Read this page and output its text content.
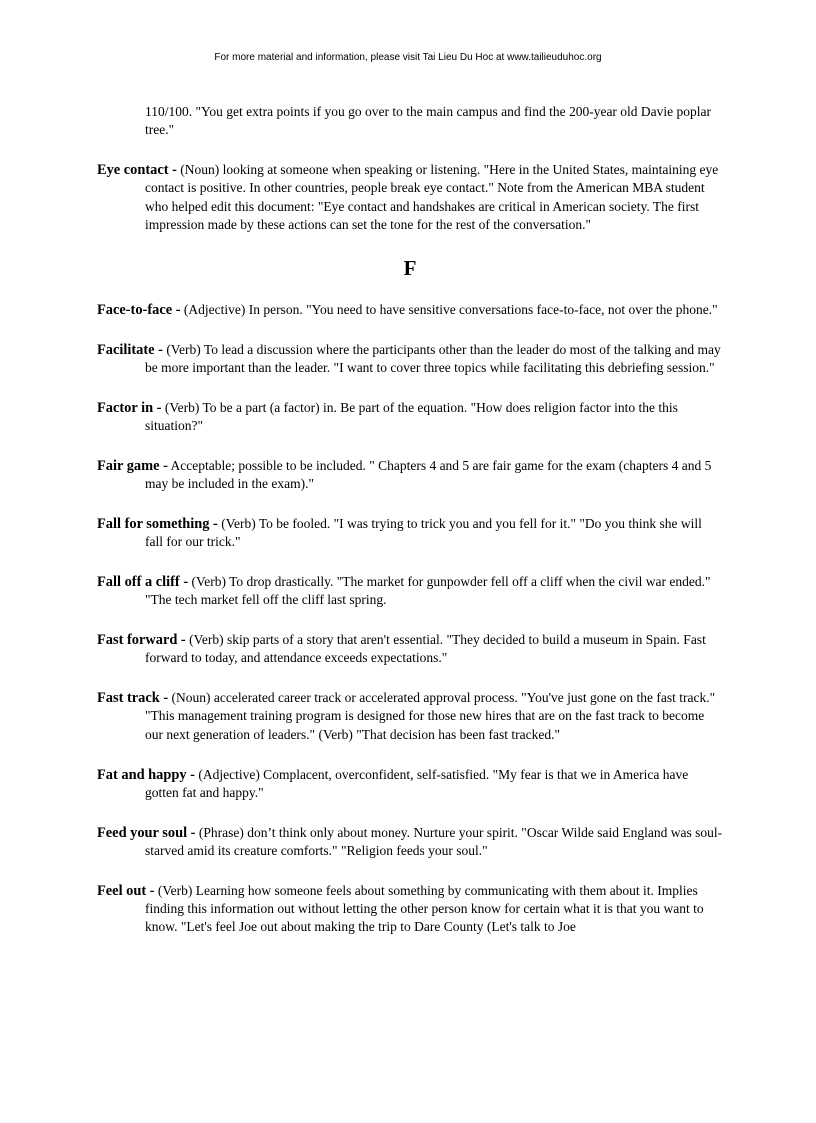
For more material and information, please visit Tai Lieu Du Hoc at www.tailieuduhoc.org

110/100. "You get extra points if you go over to the main campus and find the 200-year old Davie poplar tree."

Eye contact - (Noun) looking at someone when speaking or listening. "Here in the United States, maintaining eye contact is positive. In other countries, people break eye contact." Note from the American MBA student who helped edit this document: "Eye contact and handshakes are critical in American society. The first impression made by these actions can set the tone for the rest of the conversation."

F

Face-to-face - (Adjective) In person. "You need to have sensitive conversations face-to-face, not over the phone."

Facilitate - (Verb) To lead a discussion where the participants other than the leader do most of the talking and may be more important than the leader. "I want to cover three topics while facilitating this debriefing session."

Factor in - (Verb) To be a part (a factor) in. Be part of the equation. "How does religion factor into the this situation?"

Fair game - Acceptable; possible to be included. " Chapters 4 and 5 are fair game for the exam (chapters 4 and 5 may be included in the exam)."

Fall for something - (Verb) To be fooled. "I was trying to trick you and you fell for it." "Do you think she will fall for our trick."

Fall off a cliff - (Verb) To drop drastically. "The market for gunpowder fell off a cliff when the civil war ended." "The tech market fell off the cliff last spring.

Fast forward - (Verb) skip parts of a story that aren't essential. "They decided to build a museum in Spain. Fast forward to today, and attendance exceeds expectations."

Fast track - (Noun) accelerated career track or accelerated approval process. "You've just gone on the fast track." "This management training program is designed for those new hires that are on the fast track to become our next generation of leaders." (Verb) "That decision has been fast tracked."

Fat and happy - (Adjective) Complacent, overconfident, self-satisfied. "My fear is that we in America have gotten fat and happy."

Feed your soul - (Phrase) don’t think only about money. Nurture your spirit. "Oscar Wilde said England was soul-starved amid its creature comforts." "Religion feeds your soul."

Feel out - (Verb) Learning how someone feels about something by communicating with them about it. Implies finding this information out without letting the other person know for certain what it is that you want to know. "Let's feel Joe out about making the trip to Dare County (Let's talk to Joe
